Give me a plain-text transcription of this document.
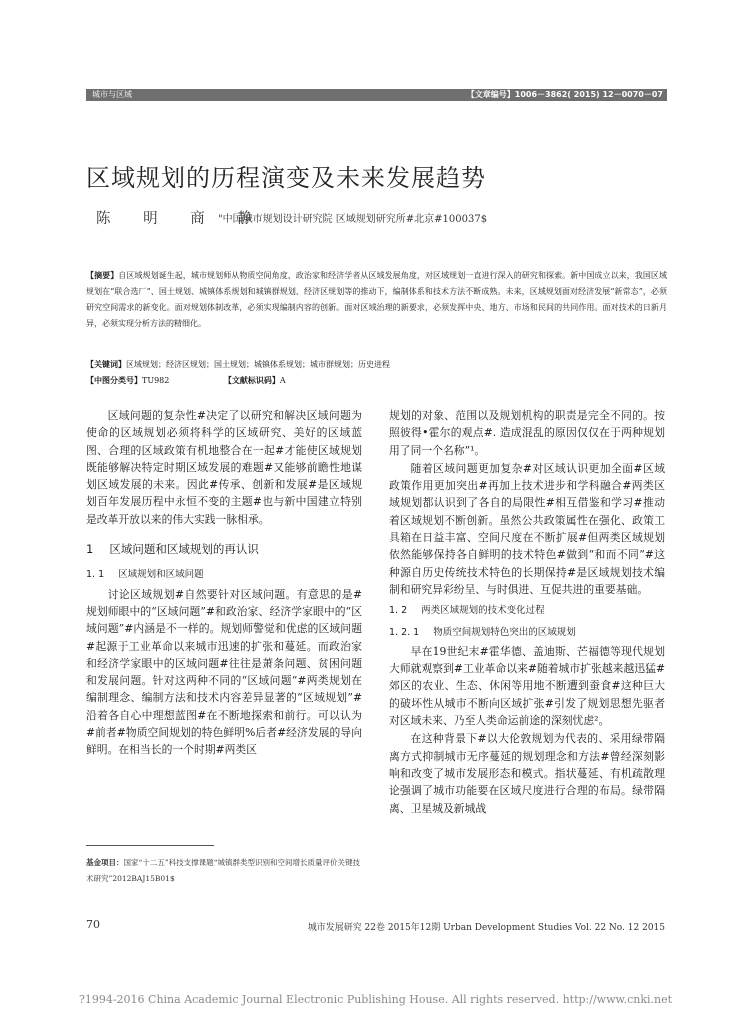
城市与区域	【文章编号】1006－3862( 2015) 12－0070－07
区域规划的历程演变及未来发展趋势
陈 明 商 静
"中国城市规划设计研究院 区域规划研究所#北京#100037$
【摘要】自区域规划诞生起，城市规划师从物质空间角度、政治家和经济学者从区域发展角度，对区域规划一直进行深入的研究和探索。新中国成立以来，我国区域规划在“联合选厂”、国土规划、城镇体系规划和城镇群规划、经济区规划等的推动下，编制体系和技术方法不断成熟。未来，区域规划面对经济发展“新常态”，必须研究空间需求的新变化。面对规划体制改革，必须实现编制内容的创新。面对区域治理的新要求，必须发挥中央、地方、市场和民间的共同作用。面对技术的日新月异，必须实现分析方法的精细化。
【关键词】区域规划；经济区规划；国土规划；城镇体系规划；城市群规划；历史进程
【中图分类号】TU982	【文献标识码】A

区域问题的复杂性#决定了以研究和解决区域问题为使命的区域规划必须将科学的区域研究、美好的区域蓝图、合理的区域政策有机地整合在一起#才能使区域规划既能够解决特定时期区域发展的难题#又能够前瞻性地谋划区域发展的未来。因此#传承、创新和发展#是区域规划百年发展历程中永恒不变的主题#也与新中国建立特别是改革开放以来的伟大实践一脉相承。

1 区域问题和区域规划的再认识
1. 1 区域规划和区域问题

讨论区域规划#自然要针对区域问题。有意思的是#规划师眼中的“区域问题”#和政治家、经济学家眼中的“区域问题”#内涵是不一样的。规划师警觉和优虑的区域问题#起源于工业革命以来城市迅速的扩张和蔓延。而政治家和经济学家眼中的区域问题#往往是萧条问题、贫困问题和发展问题。针对这两种不同的“区域问题”#两类规划在编制理念、编制方法和技术内容差异显著的“区域规划”#沿着各自心中理想蓝图#在不断地探索和前行。可以认为#前者#物质空间规划的特色鲜明%后者#经济发展的导向鲜明。在相当长的一个时期#两类区

规划的对象、范围以及规划机构的职责是完全不同的。按照彼得•霍尔的观点#. 造成混乱的原因仅仅在于两种规划用了同一个名称”¹。

随着区域问题更加复杂#对区域认识更加全面#区域政策作用更加突出#再加上技术进步和学科融合#两类区域规划都认识到了各自的局限性#相互借鉴和学习#推动着区域规划不断创新。虽然公共政策属性在强化、政策工具箱在日益丰富、空间尺度在不断扩展#但两类区域规划依然能够保持各自鲜明的技术特色#做到“和而不同”#这种源自历史传统技术特色的长期保持#是区域规划技术编制和研究异彩纷呈、与时俱进、互促共进的重要基础。

1. 2 两类区域规划的技术变化过程
1. 2. 1 物质空间规划特色突出的区域规划

早在19世纪末#霍华德、盖迪斯、芒福德等现代规划大师就观察到#工业革命以来#随着城市扩张越来越迅猛#郊区的农业、生态、休闲等用地不断遭到蚕食#这种巨大的破坏性从城市不断向区域扩张#引发了规划思想先驱者对区域未来、乃至人类命运前途的深刻忧虑²。

在这种背景下#以大伦敦规划为代表的、采用绿带隔离方式抑制城市无序蔓延的规划理念和方法#曾经深刻影响和改变了城市发展形态和模式。指状蔓延、有机疏散理论强调了城市功能要在区域尺度进行合理的布局。绿带隔离、卫星城及新城战

基金项目：国家“十二五”科技支撑课题“城镇群类型识别和空间增长质量评价关键技术研究”2012BAJ15B01$
70	城市发展研究 22卷 2015年12期 Urban Development Studies Vol. 22 No. 12 2015
?1994-2016 China Academic Journal Electronic Publishing House. All rights reserved. http://www.cnki.net
